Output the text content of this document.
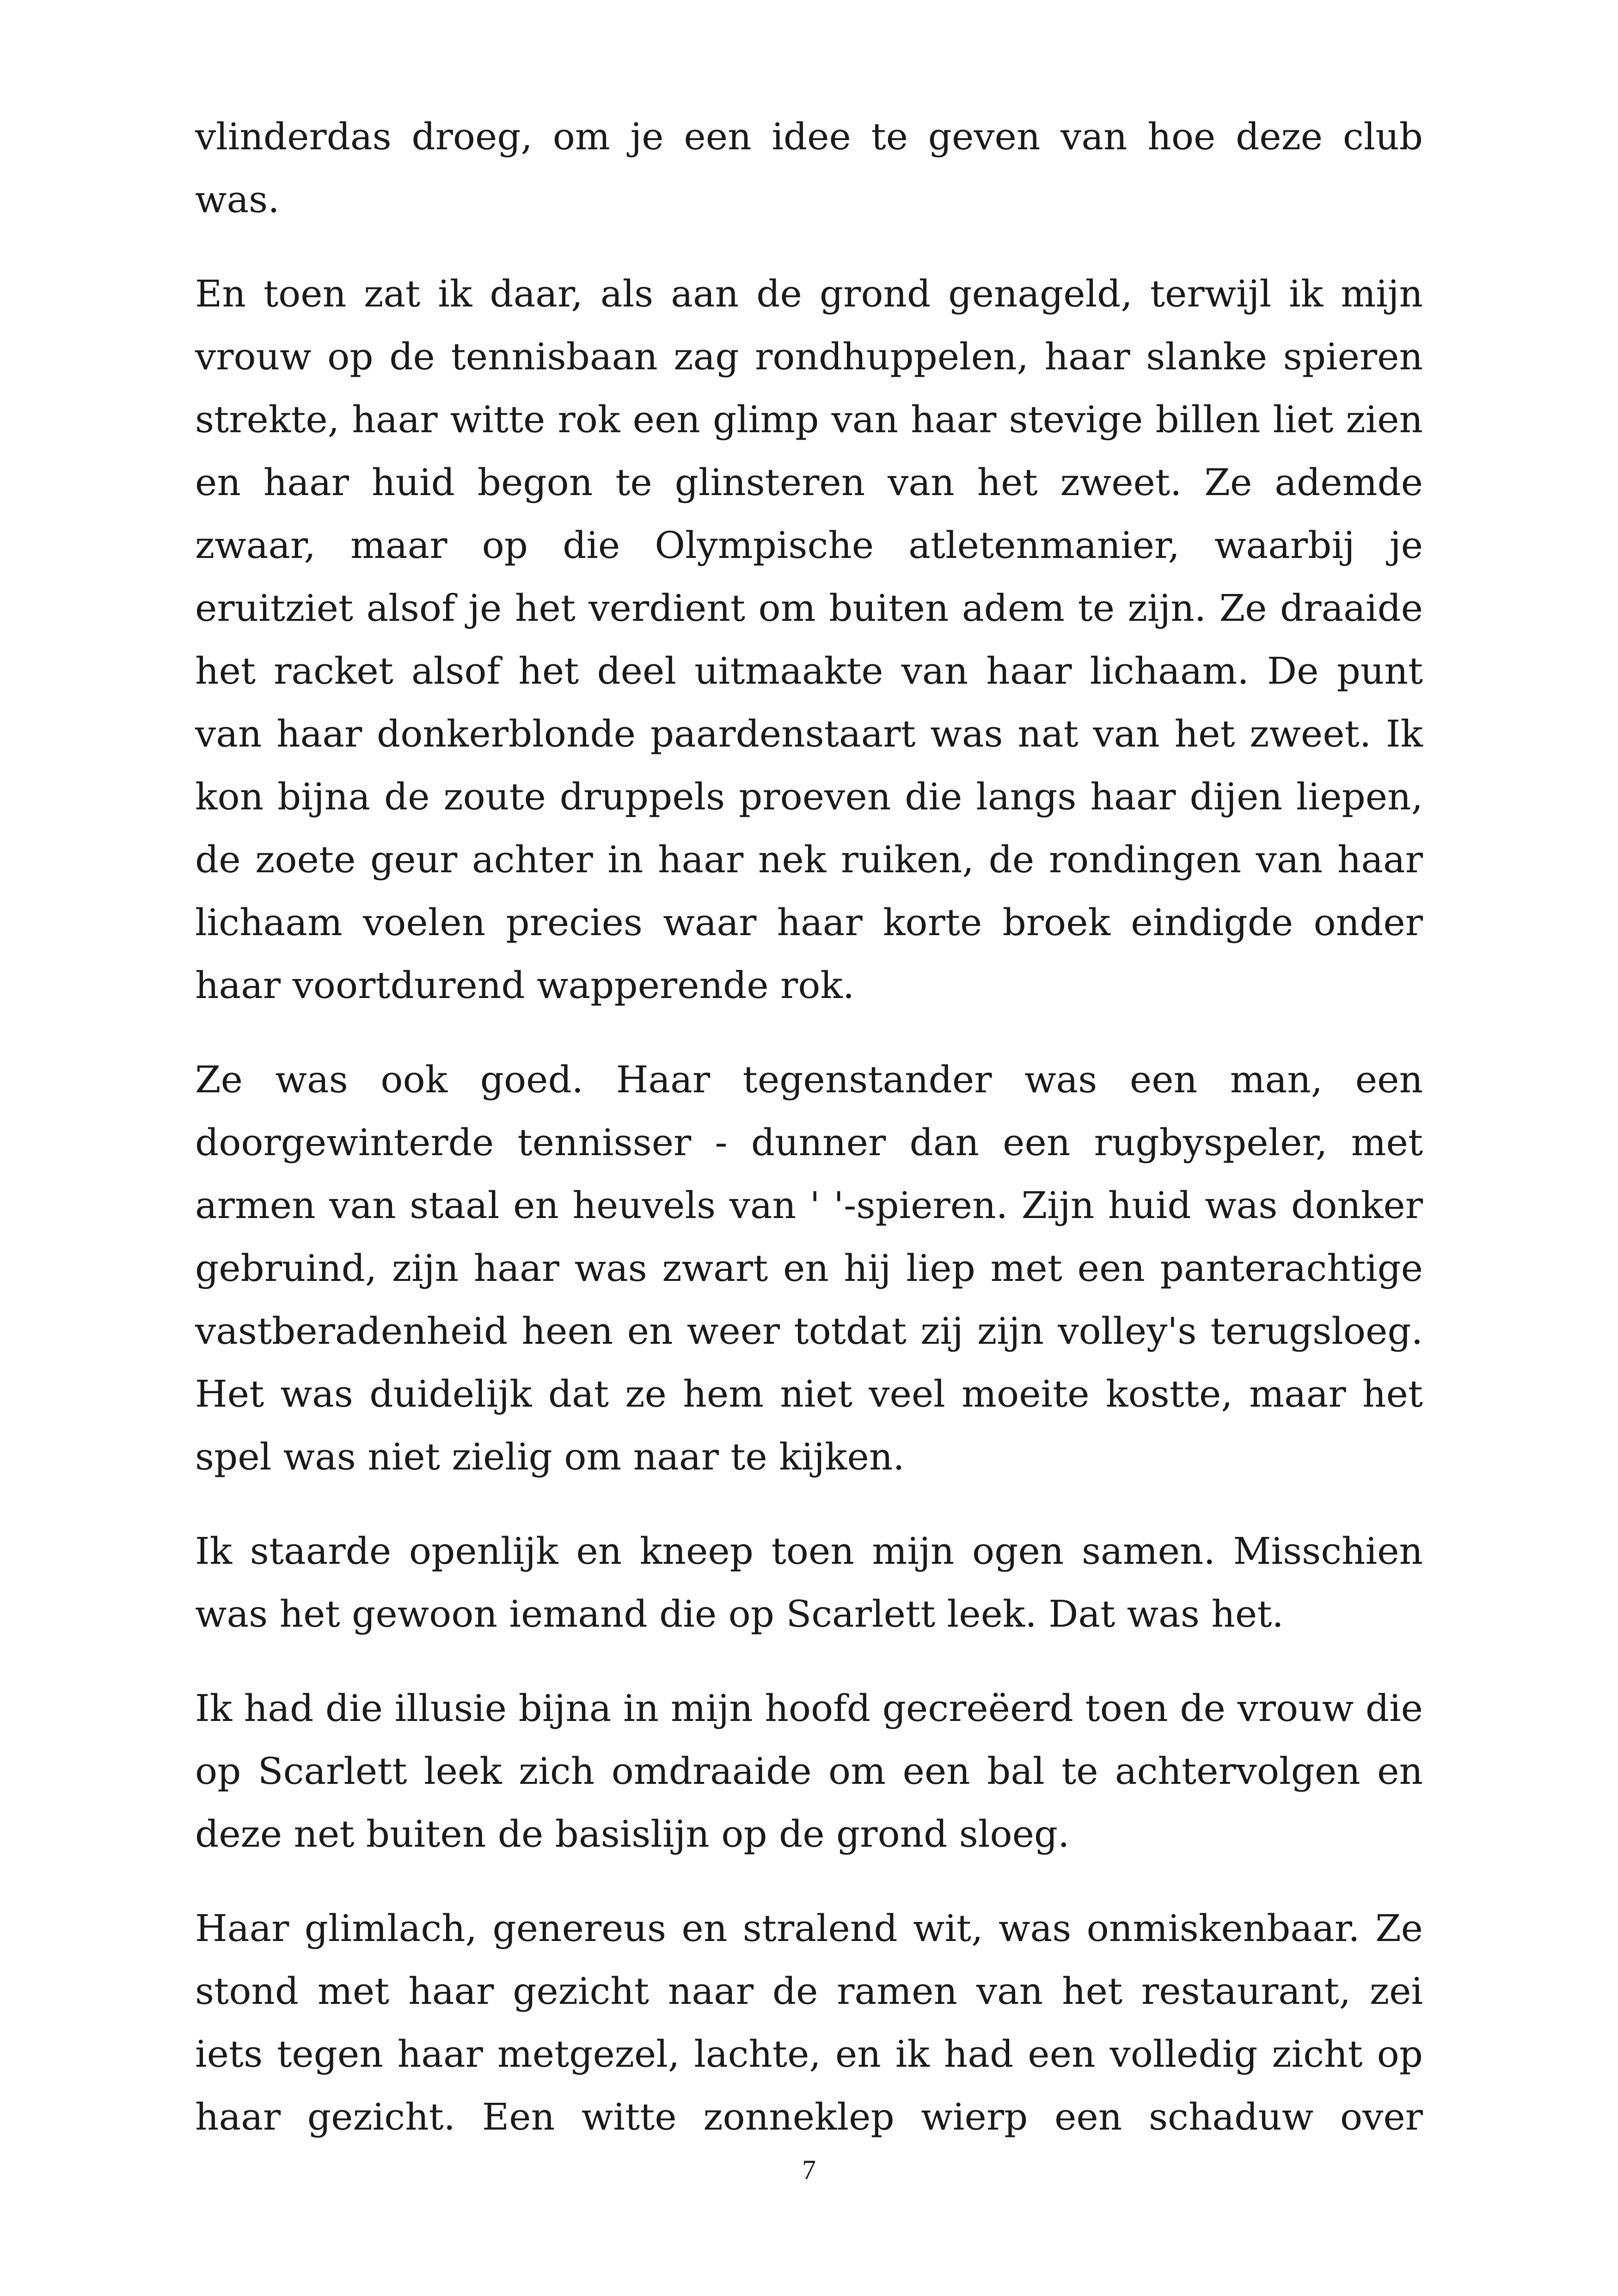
vlinderdas droeg, om je een idee te geven van hoe deze club was.

En toen zat ik daar, als aan de grond genageld, terwijl ik mijn vrouw op de tennisbaan zag rondhuppelen, haar slanke spieren strekte, haar witte rok een glimp van haar stevige billen liet zien en haar huid begon te glinsteren van het zweet. Ze ademde zwaar, maar op die Olympische atletenmanier, waarbij je eruitziet alsof je het verdient om buiten adem te zijn. Ze draaide het racket alsof het deel uitmaakte van haar lichaam. De punt van haar donkerblonde paardenstaart was nat van het zweet. Ik kon bijna de zoute druppels proeven die langs haar dijen liepen, de zoete geur achter in haar nek ruiken, de rondingen van haar lichaam voelen precies waar haar korte broek eindigde onder haar voortdurend wapperende rok.

Ze was ook goed. Haar tegenstander was een man, een doorgewinterde tennisser - dunner dan een rugbyspeler, met armen van staal en heuvels van ' '-spieren. Zijn huid was donker gebruind, zijn haar was zwart en hij liep met een panterachtige vastberadenheid heen en weer totdat zij zijn volley's terugsloeg. Het was duidelijk dat ze hem niet veel moeite kostte, maar het spel was niet zielig om naar te kijken.

Ik staarde openlijk en kneep toen mijn ogen samen. Misschien was het gewoon iemand die op Scarlett leek. Dat was het.

Ik had die illusie bijna in mijn hoofd gecreëerd toen de vrouw die op Scarlett leek zich omdraaide om een bal te achtervolgen en deze net buiten de basislijn op de grond sloeg.

Haar glimlach, genereus en stralend wit, was onmiskenbaar. Ze stond met haar gezicht naar de ramen van het restaurant, zei iets tegen haar metgezel, lachte, en ik had een volledig zicht op haar gezicht. Een witte zonneklep wierp een schaduw over

7
